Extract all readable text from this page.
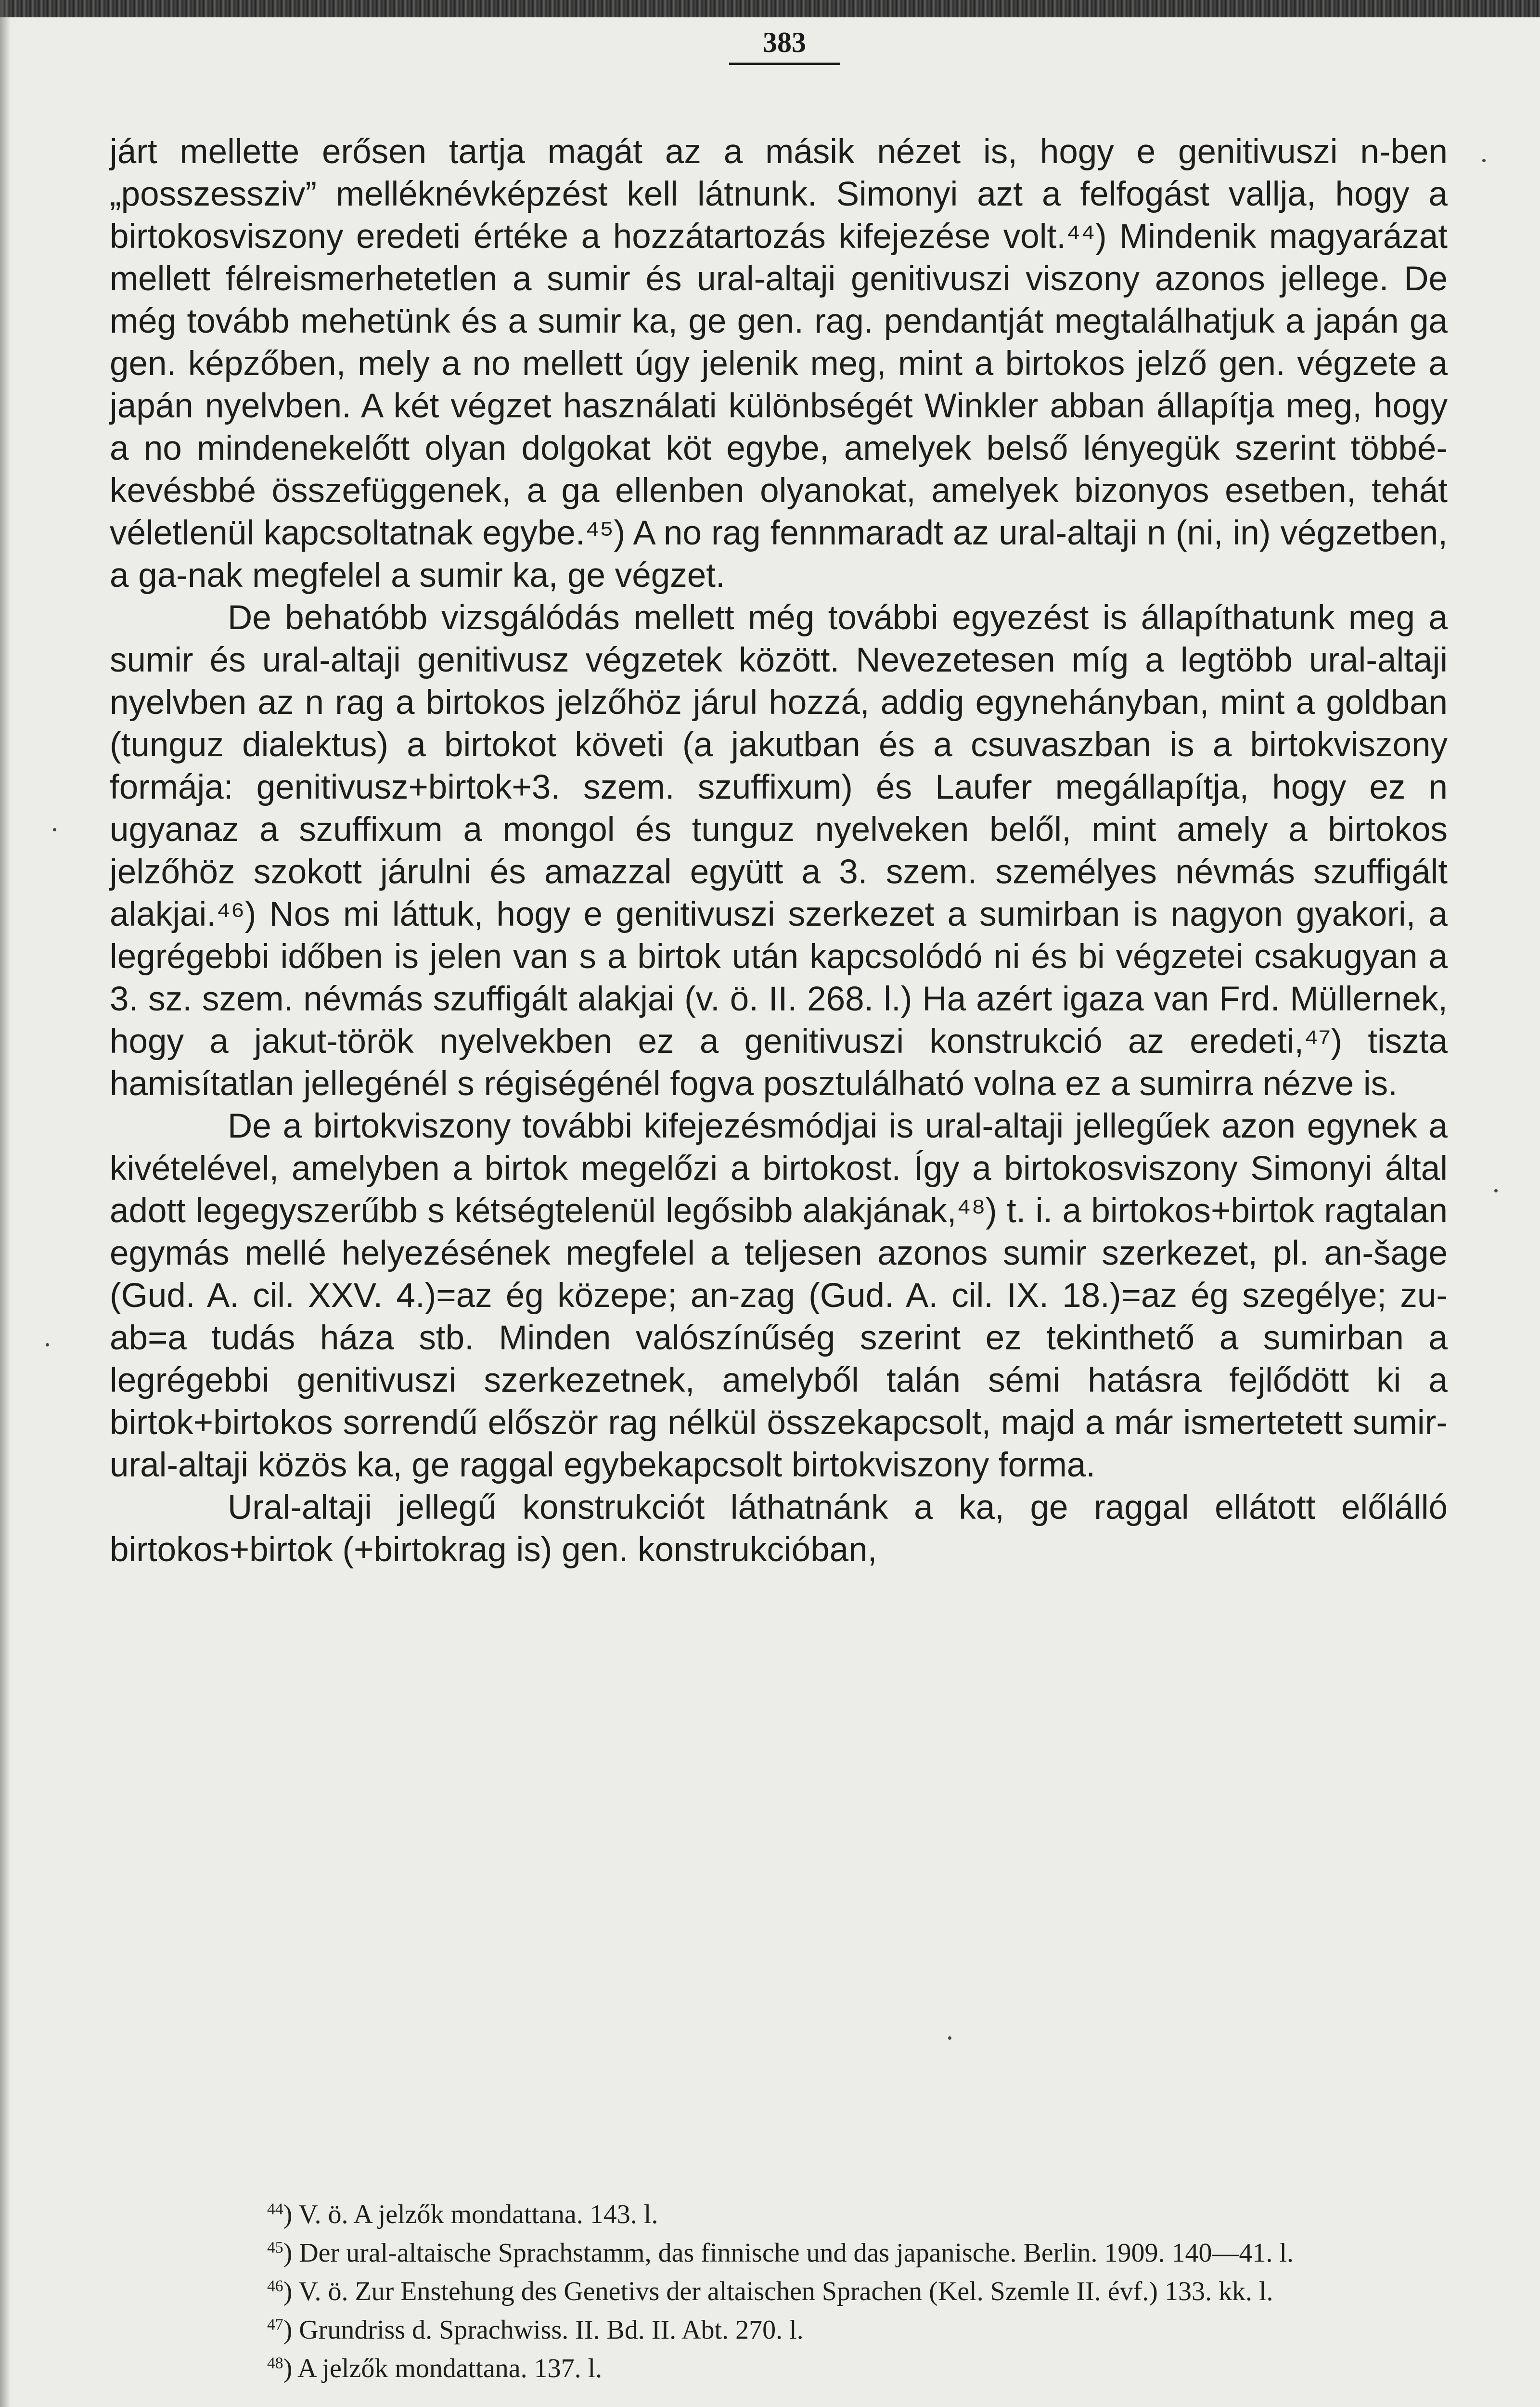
383

járt mellette erősen tartja magát az a másik nézet is, hogy e genitivuszi n-ben „posszessziv” melléknévképzést kell látnunk. Simonyi azt a felfogást vallja, hogy a birtokosviszony eredeti értéke a hozzátartozás kifejezése volt.⁴⁴) Mindenik magyarázat mellett félreismerhetetlen a sumir és ural-altaji genitivuszi viszony azonos jellege. De még tovább mehetünk és a sumir ka, ge gen. rag. pendantját megtalálhatjuk a japán ga gen. képzőben, mely a no mellett úgy jelenik meg, mint a birtokos jelző gen. végzete a japán nyelvben. A két végzet használati különbségét Winkler abban állapítja meg, hogy a no mindenekelőtt olyan dolgokat köt egybe, amelyek belső lényegük szerint többé-kevésbbé összefüggenek, a ga ellenben olyanokat, amelyek bizonyos esetben, tehát véletlenül kapcsoltatnak egybe.⁴⁵) A no rag fennmaradt az ural-altaji n (ni, in) végzetben, a ga-nak megfelel a sumir ka, ge végzet.

De behatóbb vizsgálódás mellett még további egyezést is állapíthatunk meg a sumir és ural-altaji genitivusz végzetek között. Nevezetesen míg a legtöbb ural-altaji nyelvben az n rag a birtokos jelzőhöz járul hozzá, addig egynehányban, mint a goldban (tunguz dialektus) a birtokot követi (a jakutban és a csuvaszban is a birtokviszony formája: genitivusz+birtok+3. szem. szuffixum) és Laufer megállapítja, hogy ez n ugyanaz a szuffixum a mongol és tunguz nyelveken belől, mint amely a birtokos jelzőhöz szokott járulni és amazzal együtt a 3. szem. személyes névmás szuffigált alakjai.⁴⁶) Nos mi láttuk, hogy e genitivuszi szerkezet a sumirban is nagyon gyakori, a legrégebbi időben is jelen van s a birtok után kapcsolódó ni és bi végzetei csakugyan a 3. sz. szem. névmás szuffigált alakjai (v. ö. II. 268. l.) Ha azért igaza van Frd. Müllernek, hogy a jakut-török nyelvekben ez a genitivuszi konstrukció az eredeti,⁴⁷) tiszta hamisítatlan jellegénél s régiségénél fogva posztulálható volna ez a sumirra nézve is.

De a birtokviszony további kifejezésmódjai is ural-altaji jellegűek azon egynek a kivételével, amelyben a birtok megelőzi a birtokost. Így a birtokosviszony Simonyi által adott legegyszerűbb s kétségtelenül legősibb alakjának,⁴⁸) t. i. a birtokos+birtok ragtalan egymás mellé helyezésének megfelel a teljesen azonos sumir szerkezet, pl. an-šage (Gud. A. cil. XXV. 4.)=az ég közepe; an-zag (Gud. A. cil. IX. 18.)=az ég szegélye; zu-ab=a tudás háza stb. Minden valószínűség szerint ez tekinthető a sumirban a legrégebbi genitivuszi szerkezetnek, amelyből talán sémi hatásra fejlődött ki a birtok+birtokos sorrendű először rag nélkül összekapcsolt, majd a már ismertetett sumir-ural-altaji közös ka, ge raggal egybekapcsolt birtokviszony forma.

Ural-altaji jellegű konstrukciót láthatnánk a ka, ge raggal ellátott előlálló birtokos+birtok (+birtokrag is) gen. konstrukcióban,

$^{44}$) V. ö. A jelzők mondattana. 143. l.

$^{45}$) Der ural-altaische Sprachstamm, das finnische und das japanische. Berlin. 1909. 140—41. l.

$^{46}$) V. ö. Zur Enstehung des Genetivs der altaischen Sprachen (Kel. Szemle II. évf.) 133. kk. l.

$^{47}$) Grundriss d. Sprachwiss. II. Bd. II. Abt. 270. l.

$^{48}$) A jelzők mondattana. 137. l.
